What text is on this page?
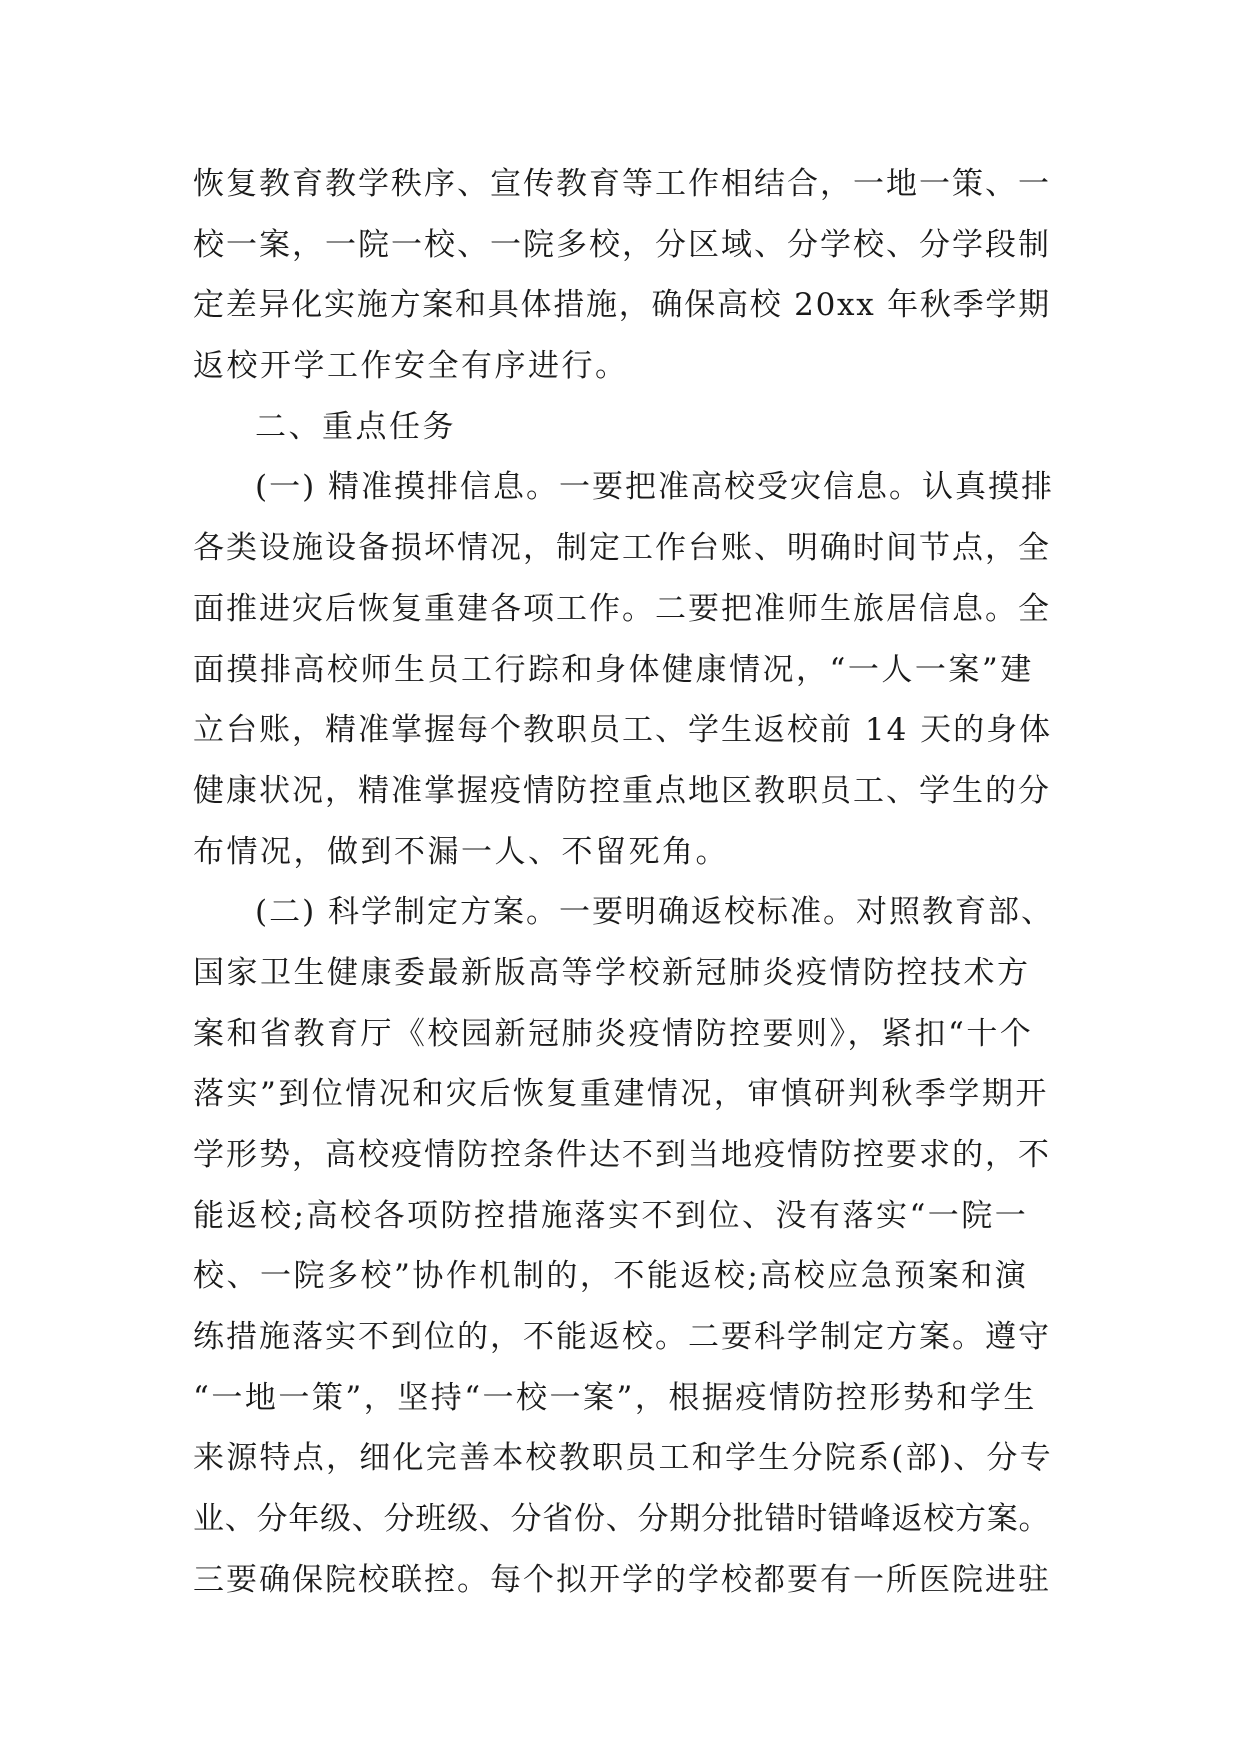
恢复教育教学秩序、宣传教育等工作相结合，一地一策、一
校一案，一院一校、一院多校，分区域、分学校、分学段制
定差异化实施方案和具体措施，确保高校 20xx 年秋季学期
返校开学工作安全有序进行。
二、重点任务
(一) 精准摸排信息。一要把准高校受灾信息。认真摸排
各类设施设备损坏情况，制定工作台账、明确时间节点，全
面推进灾后恢复重建各项工作。二要把准师生旅居信息。全
面摸排高校师生员工行踪和身体健康情况，“一人一案”建
立台账，精准掌握每个教职员工、学生返校前 14 天的身体
健康状况，精准掌握疫情防控重点地区教职员工、学生的分
布情况，做到不漏一人、不留死角。
(二) 科学制定方案。一要明确返校标准。对照教育部、
国家卫生健康委最新版高等学校新冠肺炎疫情防控技术方
案和省教育厅《校园新冠肺炎疫情防控要则》，紧扣“十个
落实”到位情况和灾后恢复重建情况，审慎研判秋季学期开
学形势，高校疫情防控条件达不到当地疫情防控要求的，不
能返校;高校各项防控措施落实不到位、没有落实“一院一
校、一院多校”协作机制的，不能返校;高校应急预案和演
练措施落实不到位的，不能返校。二要科学制定方案。遵守
“一地一策”，坚持“一校一案”，根据疫情防控形势和学生
来源特点，细化完善本校教职员工和学生分院系(部)、分专
业、分年级、分班级、分省份、分期分批错时错峰返校方案。
三要确保院校联控。每个拟开学的学校都要有一所医院进驻
